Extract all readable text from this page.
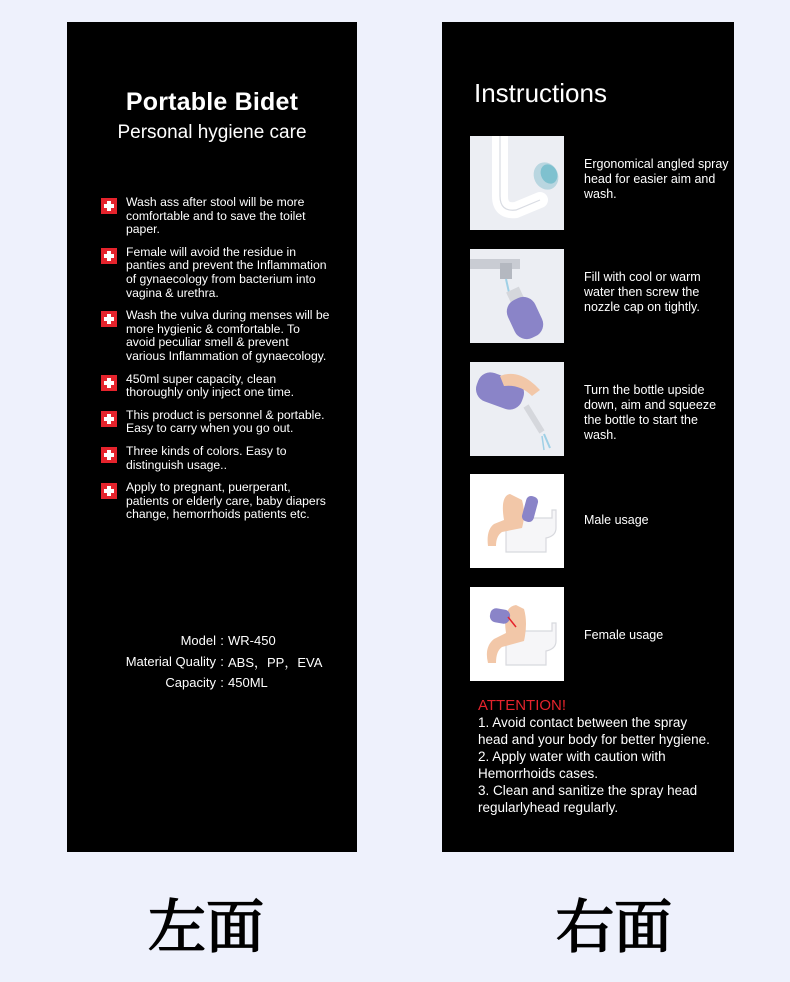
Portable Bidet
Personal hygiene care
Wash ass after stool will be more comfortable and to save the toilet paper.
Female will avoid the residue in panties and prevent the Inflammation of gynaecology from bacterium into vagina & urethra.
Wash the vulva during menses will be more hygienic & comfortable. To avoid peculiar smell & prevent various Inflammation of gynaecology.
450ml super capacity, clean thoroughly only inject one time.
This product is personnel & portable. Easy to carry when you go out.
Three kinds of colors. Easy to distinguish usage..
Apply to pregnant, puerperant, patients or elderly care, baby diapers change, hemorrhoids patients etc.
Model : WR-450
Material Quality : ABS，PP，EVA
Capacity : 450ML
Instructions
Ergonomical angled spray head for easier aim and wash.
Fill with cool or warm water then screw the nozzle cap on tightly.
Turn the bottle upside down, aim and squeeze the bottle to start the wash.
Male usage
Female usage
ATTENTION!
1. Avoid contact between the spray head and your body for better hygiene.
2. Apply water with caution with Hemorrhoids cases.
3. Clean and sanitize the spray head regularlyhead regularly.
左面	右面
